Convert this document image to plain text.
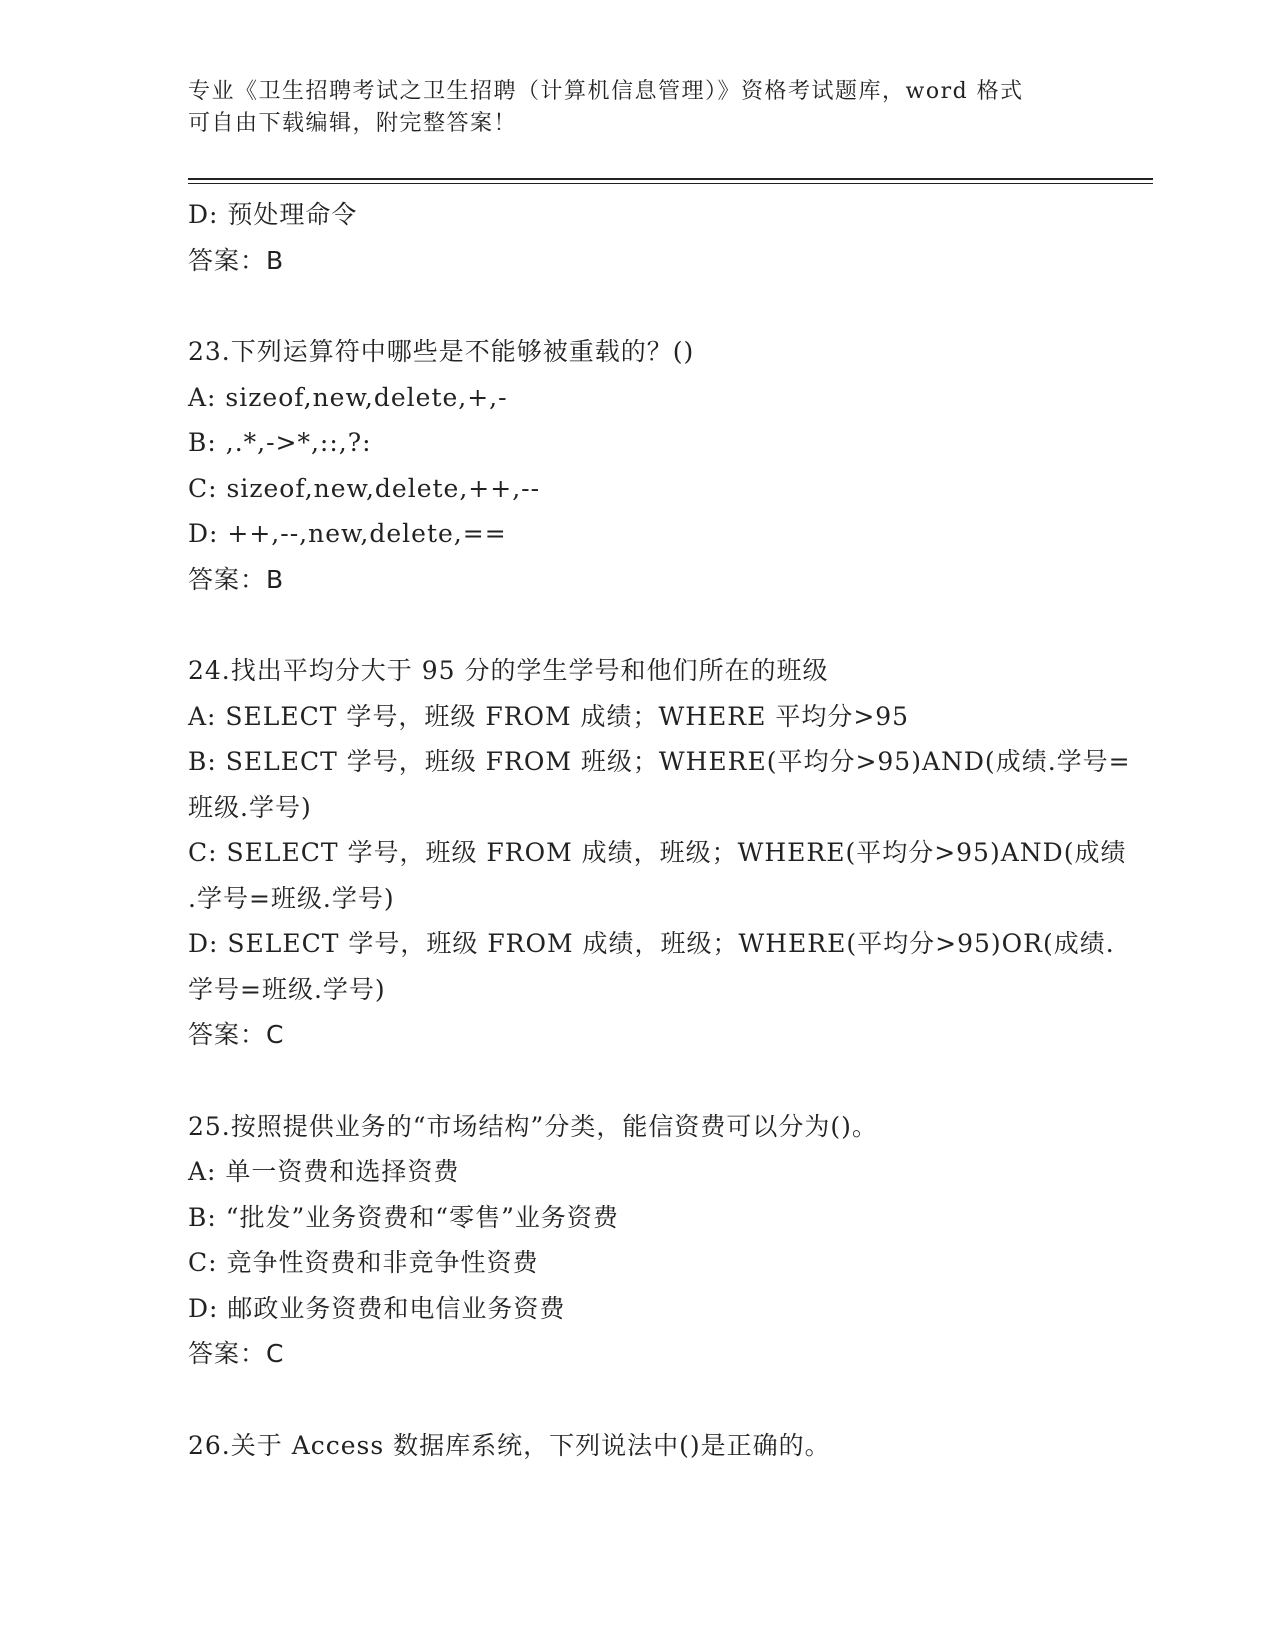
专业《卫生招聘考试之卫生招聘（计算机信息管理）》资格考试题库，word 格式
可自由下载编辑，附完整答案！
D: 预处理命令
答案：B
23.下列运算符中哪些是不能够被重载的？()
A: sizeof,new,delete,+,-
B: ,.*,->*,::,?:
C: sizeof,new,delete,++,--
D: ++,--,new,delete,==
答案：B
24.找出平均分大于 95 分的学生学号和他们所在的班级
A: SELECT 学号，班级 FROM 成绩；WHERE 平均分>95
B: SELECT 学号，班级 FROM 班级；WHERE(平均分>95)AND(成绩.学号=
班级.学号)
C: SELECT 学号，班级 FROM 成绩，班级；WHERE(平均分>95)AND(成绩
.学号=班级.学号)
D: SELECT 学号，班级 FROM 成绩，班级；WHERE(平均分>95)OR(成绩.
学号=班级.学号)
答案：C
25.按照提供业务的“市场结构”分类，能信资费可以分为()。
A: 单一资费和选择资费
B: “批发”业务资费和“零售”业务资费
C: 竞争性资费和非竞争性资费
D: 邮政业务资费和电信业务资费
答案：C
26.关于 Access 数据库系统，下列说法中()是正确的。
